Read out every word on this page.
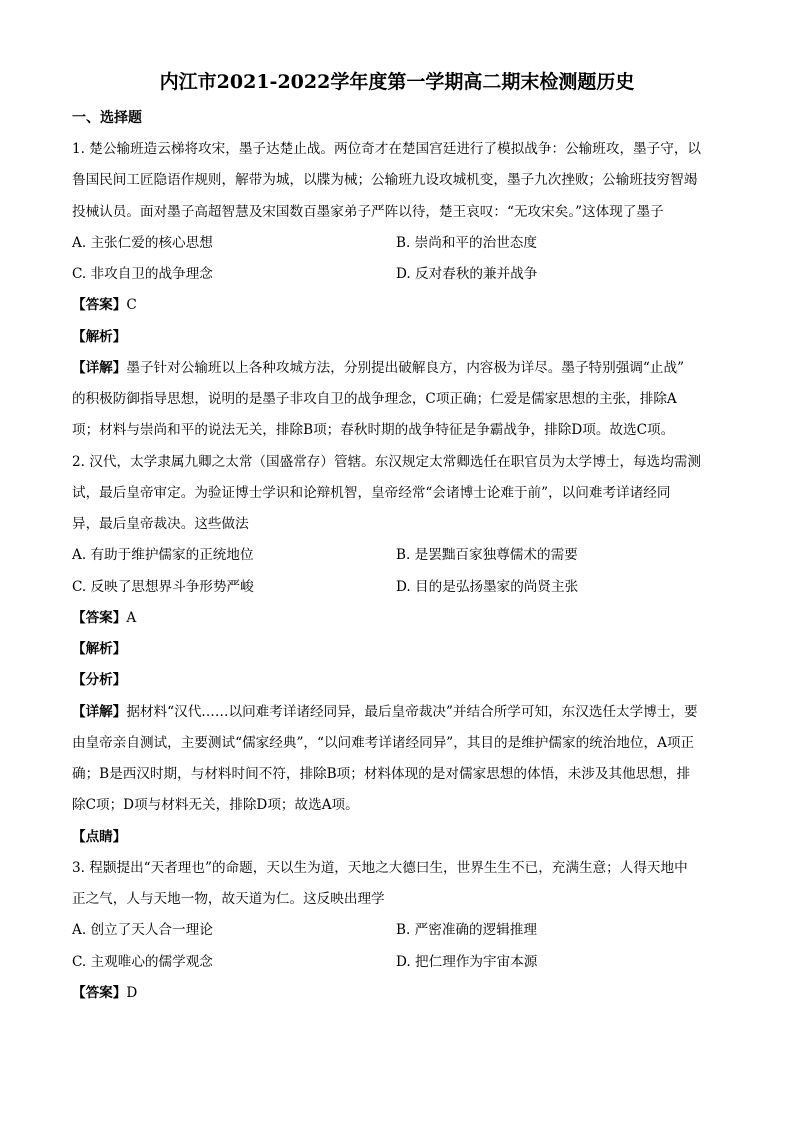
内江市2021-2022学年度第一学期高二期末检测题历史
一、选择题
1. 楚公输班造云梯将攻宋，墨子达楚止战。两位奇才在楚国宫廷进行了模拟战争：公输班攻，墨子守，以
鲁国民间工匠隐语作规则，解带为城，以牒为械；公输班九设攻城机变，墨子九次挫败；公输班技穷智竭
投械认员。面对墨子高超智慧及宋国数百墨家弟子严阵以待，楚王哀叹：“无攻宋矣。”这体现了墨子
A. 主张仁爱的核心思想	B. 崇尚和平的治世态度
C. 非攻自卫的战争理念	D. 反对春秋的兼并战争
【答案】C
【解析】
【详解】墨子针对公输班以上各种攻城方法，分别提出破解良方，内容极为详尽。墨子特别强调“止战”
的积极防御指导思想，说明的是墨子非攻自卫的战争理念，C项正确；仁爱是儒家思想的主张，排除A
项；材料与崇尚和平的说法无关，排除B项；春秋时期的战争特征是争霸战争，排除D项。故选C项。
2. 汉代，太学隶属九卿之太常（国盛常存）管辖。东汉规定太常卿选任在职官员为太学博士，每选均需测
试，最后皇帝审定。为验证博士学识和论辩机智，皇帝经常“会诸博士论难于前”，以问难考详诸经同
异，最后皇帝裁决。这些做法
A. 有助于维护儒家的正统地位	B. 是罢黜百家独尊儒术的需要
C. 反映了思想界斗争形势严峻	D. 目的是弘扬墨家的尚贤主张
【答案】A
【解析】
【分析】
【详解】据材料“汉代……以问难考详诸经同异，最后皇帝裁决”并结合所学可知，东汉选任太学博士，要
由皇帝亲自测试，主要测试“儒家经典”，“以问难考详诸经同异”，其目的是维护儒家的统治地位，A项正
确；B是西汉时期，与材料时间不符，排除B项；材料体现的是对儒家思想的体悟，未涉及其他思想，排
除C项；D项与材料无关，排除D项；故选A项。
【点睛】
3. 程颢提出“天者理也”的命题，天以生为道，天地之大德曰生，世界生生不已，充满生意；人得天地中
正之气，人与天地一物，故天道为仁。这反映出理学
A. 创立了天人合一理论	B. 严密准确的逻辑推理
C. 主观唯心的儒学观念	D. 把仁理作为宇宙本源
【答案】D
